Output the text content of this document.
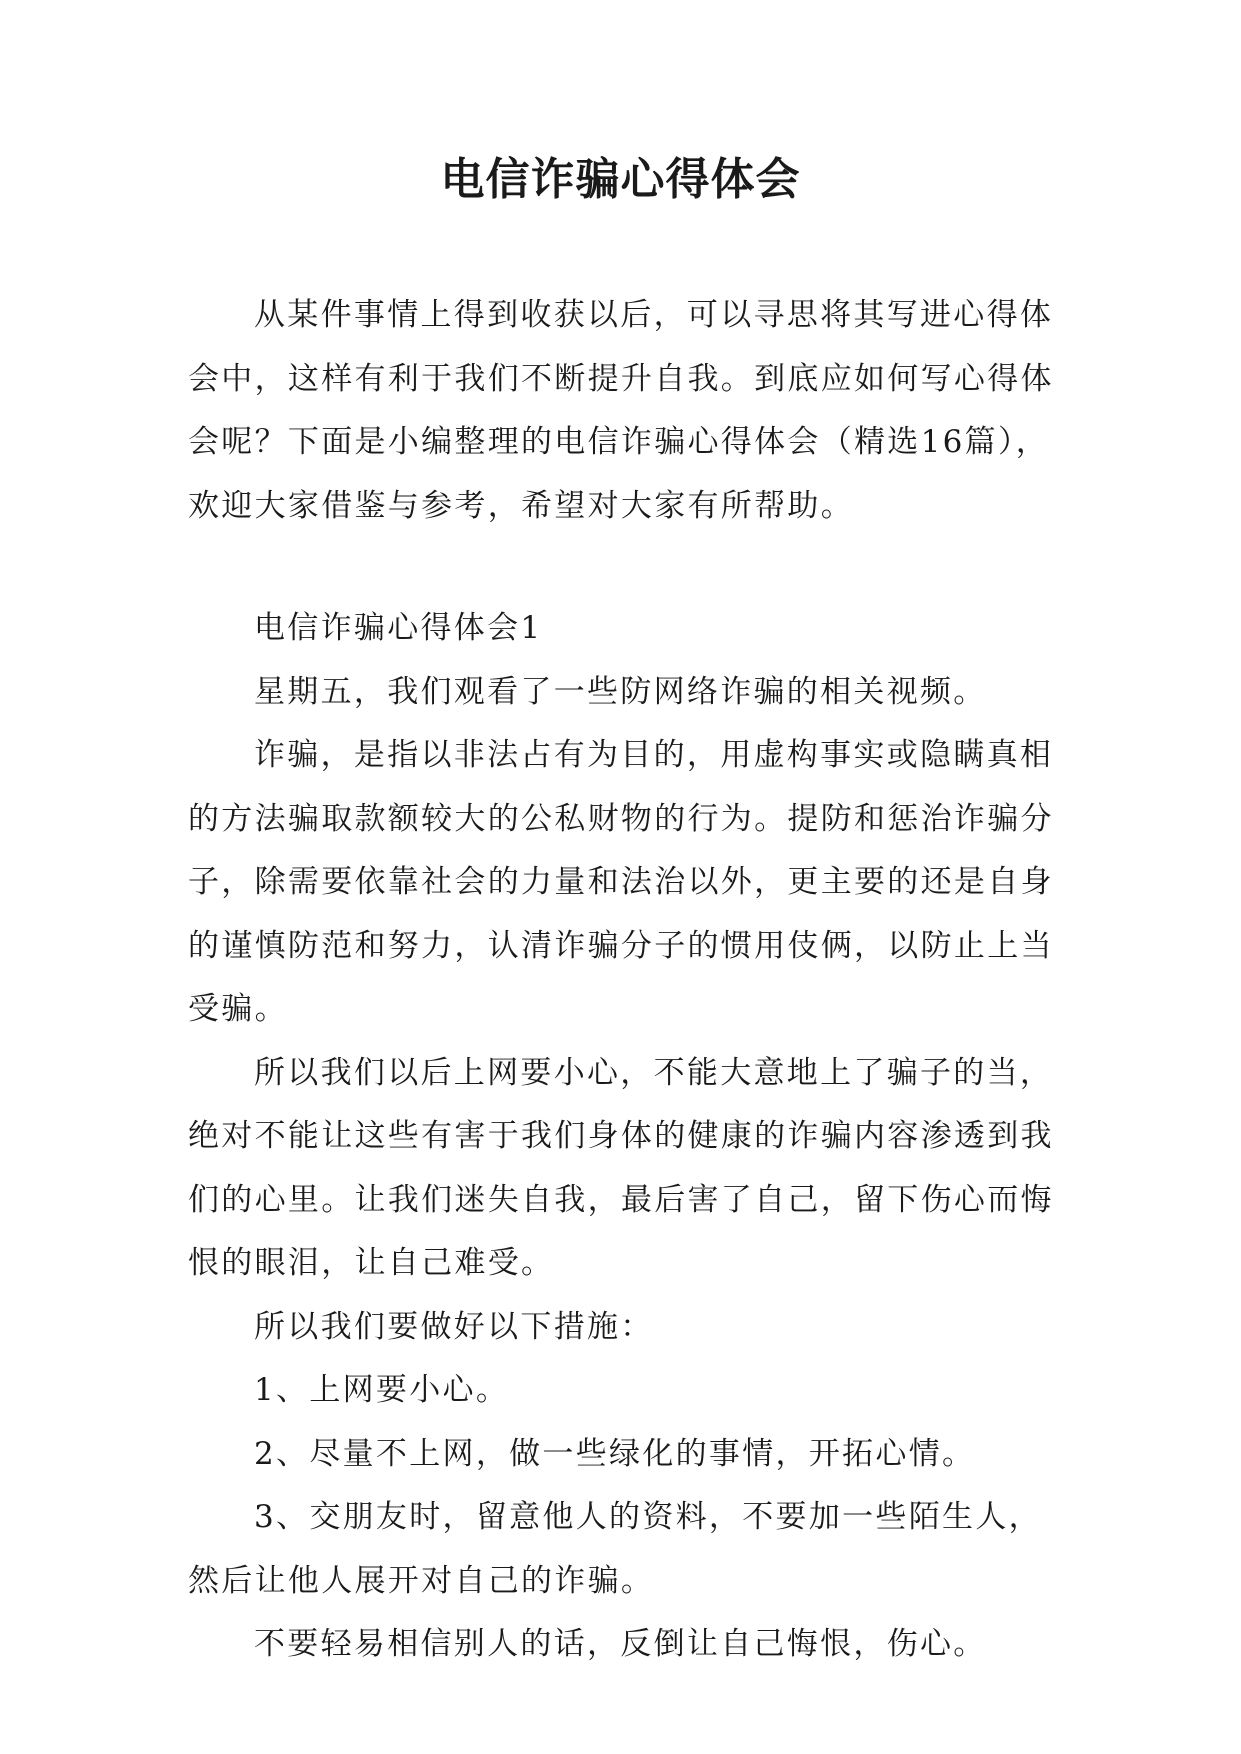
电信诈骗心得体会

从某件事情上得到收获以后，可以寻思将其写进心得体会中，这样有利于我们不断提升自我。到底应如何写心得体会呢？下面是小编整理的电信诈骗心得体会（精选16篇），欢迎大家借鉴与参考，希望对大家有所帮助。

电信诈骗心得体会1

星期五，我们观看了一些防网络诈骗的相关视频。

诈骗，是指以非法占有为目的，用虚构事实或隐瞒真相的方法骗取款额较大的公私财物的行为。提防和惩治诈骗分子，除需要依靠社会的力量和法治以外，更主要的还是自身的谨慎防范和努力，认清诈骗分子的惯用伎俩，以防止上当受骗。

所以我们以后上网要小心，不能大意地上了骗子的当，绝对不能让这些有害于我们身体的健康的诈骗内容渗透到我们的心里。让我们迷失自我，最后害了自己，留下伤心而悔恨的眼泪，让自己难受。

所以我们要做好以下措施：

1、上网要小心。

2、尽量不上网，做一些绿化的事情，开拓心情。

3、交朋友时，留意他人的资料，不要加一些陌生人，然后让他人展开对自己的诈骗。

不要轻易相信别人的话，反倒让自己悔恨，伤心。
